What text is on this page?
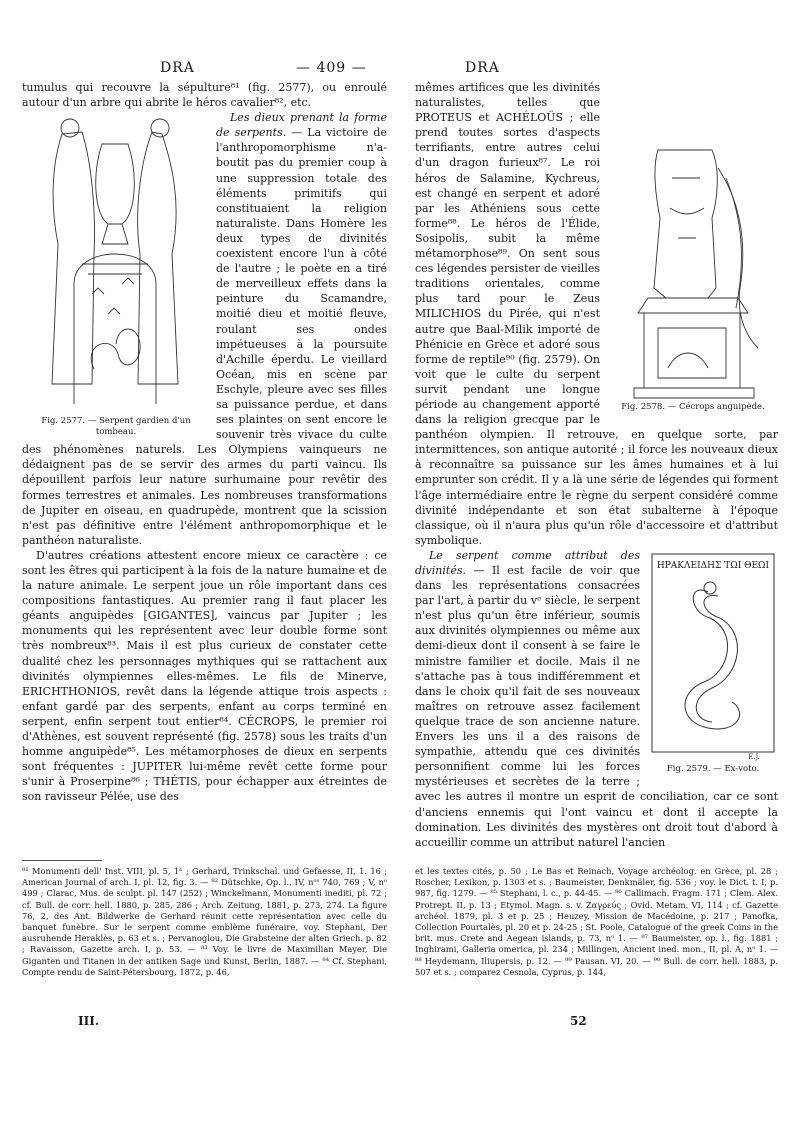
DRA	— 409 —	DRA

tumulus qui recouvre la sépulture⁸¹ (fig. 2577), ou enroulé autour d'un arbre qui abrite le héros cavalier⁸², etc.

Fig. 2577. — Serpent gardien d'un tombeau.

Les dieux prenant la forme de serpents. — La victoire de l'anthropomorphisme n'a-boutit pas du premier coup à une suppression totale des éléments primitifs qui constituaient la religion naturaliste. Dans Homère les deux types de divinités coexistent encore l'un à côté de l'autre ; le poète en a tiré de merveilleux effets dans la peinture du Scamandre, moitié dieu et moitié fleuve, roulant ses ondes impétueuses à la poursuite d'Achille éperdu. Le vieillard Océan, mis en scène par Eschyle, pleure avec ses filles sa puissance perdue, et dans ses plaintes on sent encore le souvenir très vivace du culte des phénomènes naturels. Les Olympiens vainqueurs ne dédaignent pas de se servir des armes du parti vaincu. Ils dépouillent parfois leur nature surhumaine pour revêtir des formes terrestres et animales. Les nombreuses transformations de Jupiter en oiseau, en quadrupède, montrent que la scission n'est pas définitive entre l'élément anthropomorphique et le panthéon naturaliste.

D'autres créations attestent encore mieux ce caractère : ce sont les êtres qui participent à la fois de la nature humaine et de la nature animale. Le serpent joue un rôle important dans ces compositions fantastiques. Au premier rang il faut placer les géants anguipèdes [GIGANTES], vaincus par Jupiter ; les monuments qui les représentent avec leur double forme sont très nombreux⁸³. Mais il est plus curieux de constater cette dualité chez les personnages mythiques qui se rattachent aux divinités olympiennes elles-mêmes. Le fils de Minerve, ERICHTHONIOS, revêt dans la légende attique trois aspects : enfant gardé par des serpents, enfant au corps terminé en serpent, enfin serpent tout entier⁸⁴. CÉCROPS, le premier roi d'Athènes, est souvent représenté (fig. 2578) sous les traits d'un homme anguipède⁸⁵. Les métamorphoses de dieux en serpents sont fréquentes : JUPITER lui-même revêt cette forme pour s'unir à Proserpine⁸⁶ ; THÉTIS, pour échapper aux étreintes de son ravisseur Pélée, use des

Fig. 2578. — Cécrops anguipède.

mêmes artifices que les divinités naturalistes, telles que PROTEUS et ACHÉLOÜS ; elle prend toutes sortes d'aspects terrifiants, entre autres celui d'un dragon furieux⁸⁷. Le roi héros de Salamine, Kychreus, est changé en serpent et adoré par les Athéniens sous cette forme⁸⁸. Le héros de l'Élide, Sosipolis, subit la même métamorphose⁸⁹. On sent sous ces légendes persister de vieilles traditions orientales, comme plus tard pour le Zeus MILICHIOS du Pirée, qui n'est autre que Baal-Milik importé de Phénicie en Grèce et adoré sous forme de reptile⁹⁰ (fig. 2579). On voit que le culte du serpent survit pendant une longue période au changement apporté dans la religion grecque par le panthéon olympien. Il retrouve, en quelque sorte, par intermittences, son antique autorité ; il force les nouveaux dieux à reconnaître sa puissance sur les âmes humaines et à lui emprunter son crédit. Il y a là une série de légendes qui forment l'âge intermédiaire entre le règne du serpent considéré comme divinité indépendante et son état subalterne à l'époque classique, où il n'aura plus qu'un rôle d'accessoire et d'attribut symbolique.

ΗΡΑΚΛΕΙΔΗΣ ΤΩΙ ΘΕΩΙ
E.J.
Fig. 2579. — Ex-voto.

Le serpent comme attribut des divinités. — Il est facile de voir que dans les représentations consacrées par l'art, à partir du vᵉ siècle, le serpent n'est plus qu'un être inférieur, soumis aux divinités olympiennes ou même aux demi-dieux dont il consent à se faire le ministre familier et docile. Mais il ne s'attache pas à tous indifféremment et dans le choix qu'il fait de ses nouveaux maîtres on retrouve assez facilement quelque trace de son ancienne nature. Envers les uns il a des raisons de sympathie, attendu que ces divinités personnifient comme lui les forces mystérieuses et secrètes de la terre ; avec les autres il montre un esprit de conciliation, car ce sont d'anciens ennemis qui l'ont vaincu et dont il accepte la domination. Les divinités des mystères ont droit tout d'abord à accueillir comme un attribut naturel l'ancien

⁸¹ Monumenti dell' Inst. VIII, pl. 5, 1ᵇ ; Gerhard, Trinkschal. und Gefaesse, II, 1. 16 ; American Journal of arch. I, pl. 12, fig. 3. — ⁸² Dütschke, Op. l., IV, nᵒˢ 740, 769 ; V, nᵒ 499 ; Clarac, Mus. de sculpt. pl. 147 (252) ; Winckelmann, Monumenti inediti, pl. 72 ; cf. Bull. de corr. hell. 1880, p. 285, 286 ; Arch. Zeitung, 1881, p. 273, 274. La figure 76, 2, des Ant. Bildwerke de Gerhard réunit cette représentation avec celle du banquet funèbre. Sur le serpent comme emblème funéraire, voy. Stephani, Der ausruhende Heraklès, p. 63 et s. ; Pervanoglou, Die Grabsteine der alten Griech. p. 82 ; Ravaisson, Gazette arch. I, p. 53. — ⁸³ Voy. le livre de Maximilian Mayer, Die Giganten und Titanen in der antiken Sage und Kunst, Berlin, 1887. — ⁸⁴ Cf. Stephani, Compte rendu de Saint-Pétersbourg, 1872, p. 46,
et les textes cités, p. 50 ; Le Bas et Reinach, Voyage archéolog. en Grèce, pl. 28 ; Roscher, Lexikon, p. 1303 et s. ; Baumeister, Denkmäler, fig. 536 ; voy. le Dict. t. I, p. 987, fig. 1279. — ⁸⁵ Stephani, l. c., p. 44-45. — ⁸⁶ Callimach. Fragm. 171 ; Clem. Alex. Protrept. II, p. 13 ; Etymol. Magn. s. v. Ζαγρεύς ; Ovid. Metam. VI, 114 ; cf. Gazette archéol. 1879, pl. 3 et p. 25 ; Heuzey, Mission de Macédoine, p. 217 ; Panofka, Collection Pourtalès, pl. 20 et p. 24-25 ; St. Poole, Catalogue of the greek Coins in the brit. mus. Crete and Aegean islands, p. 73, nᵒ 1. — ⁸⁷ Baumeister, op. l., fig. 1881 ; Inghirami, Galleria omerica, pl. 234 ; Millingen, Ancient ined. mon., II, pl. A, nᵒ 1. — ⁸⁸ Heydemann, Iliupersis, p. 12. — ⁸⁹ Pausan. VI, 20. — ⁹⁰ Bull. de corr. hell. 1883, p. 507 et s. ; comparez Cesnola, Cyprus, p. 144,
III.	52
